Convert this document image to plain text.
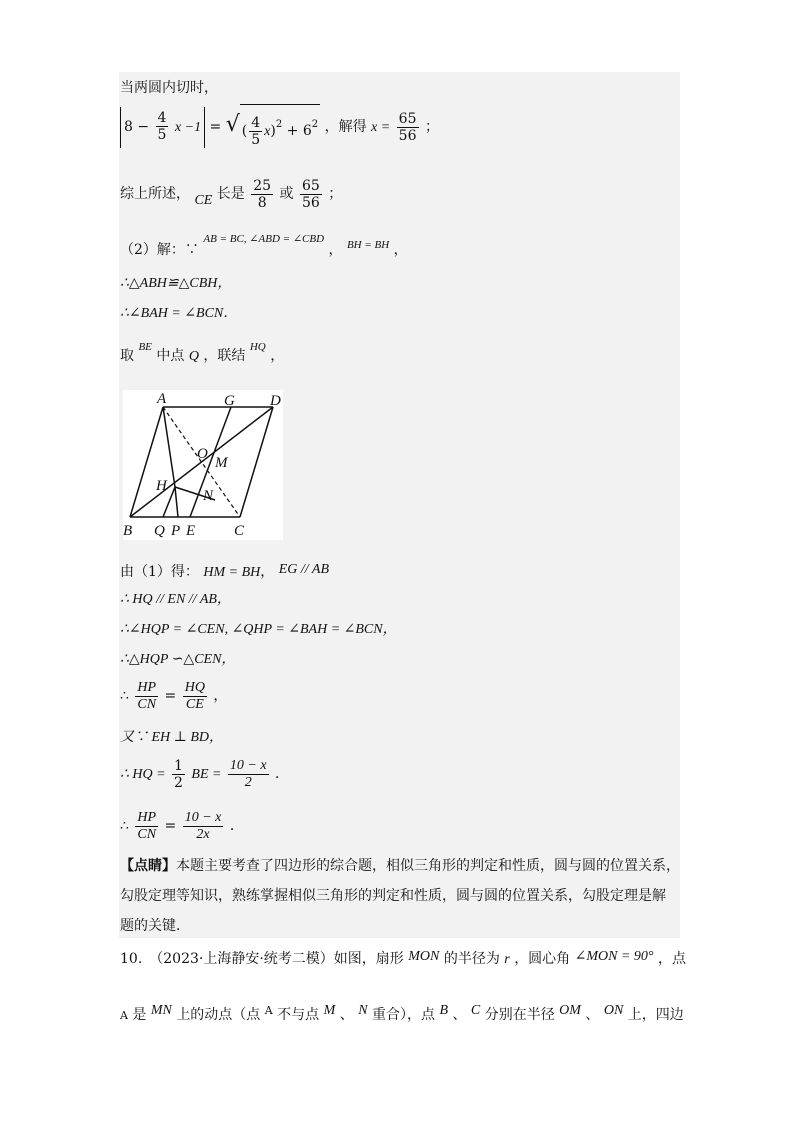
当两圆内切时，
$8 - \frac{4}{5}$ x −1 = √ ( $\frac{4}{5} x)^2 + 6^2$ ，解得 $x = \frac{65}{56}$ ；
综上所述， CE 长是 $\frac{25}{8}$ 或 $\frac{65}{56}$ ；
（2）解：∵ $^{AB = BC, \angle ABD = \angle CBD}$ ， BH = BH ，
∴△ABH≌△CBH，
∴∠BAH = ∠BCN．
取 $^{BE}$ 中点 Q ，联结 $^{HQ}$ ，
A	G D
O
M
H
N
B Q P E	C
由（1）得： HM = BH， EG // AB
∴ HQ // EN // AB，
∴∠HQP = ∠CEN, ∠QHP = ∠BAH = ∠BCN，
∴△HQP ∽△CEN，
∴ $\frac{HP}{CN} = \frac{HQ}{CE}$ ，
又∵ EH ⊥ BD，
∴ HQ = $\frac{1}{2}$ BE = $\frac{10 - x}{2}$ ．
∴ $\frac{HP}{CN} = \frac{10 - x}{2x}$ ．
【点睛】本题主要考查了四边形的综合题，相似三角形的判定和性质，圆与圆的位置关系，
勾股定理等知识，熟练掌握相似三角形的判定和性质，圆与圆的位置关系，勾股定理是解
题的关键．
10.　（2023·上海静安·统考二模）如图，扇形 MON 的半径为 r ，圆心角 ∠MON = 90° ，点
A 是 MN 上的动点（点 $^A$ 不与点 M 、 N 重合），点 B 、 C 分别在半径 OM 、 ON 上，四边
